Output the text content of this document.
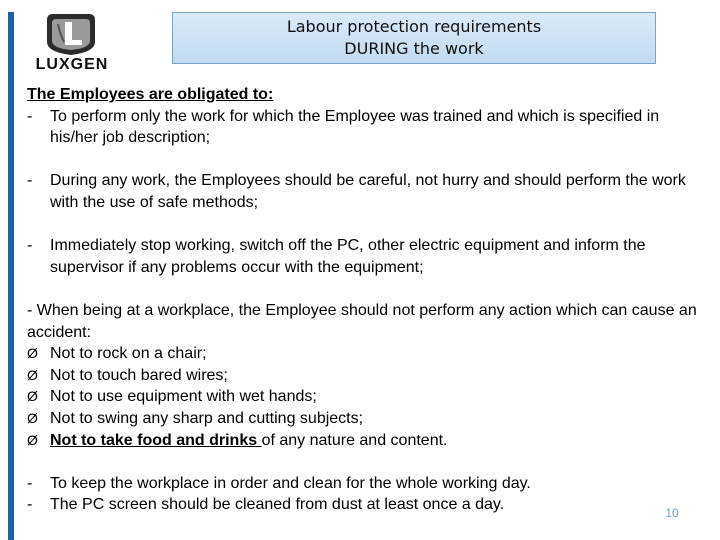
LUXGEN
Labour protection requirements
DURING the work
The Employees are obligated to:
-	To perform only the work for which the Employee was trained and which is specified in his/her job description;
-	During any work, the Employees should be careful, not hurry and should perform the work with the use of safe methods;
-	Immediately stop working, switch off the PC, other electric equipment and inform the supervisor if any problems occur with the equipment;
- When being at a workplace, the Employee should not perform any action which can cause an accident:
Ø Not to rock on a chair;
Ø Not to touch bared wires;
Ø Not to use equipment with wet hands;
Ø Not to swing any sharp and cutting subjects;
Ø Not to take food and drinks of any nature and content.
-	To keep the workplace in order and clean for the whole working day.
-	The PC screen should be cleaned from dust at least once a day.	10
